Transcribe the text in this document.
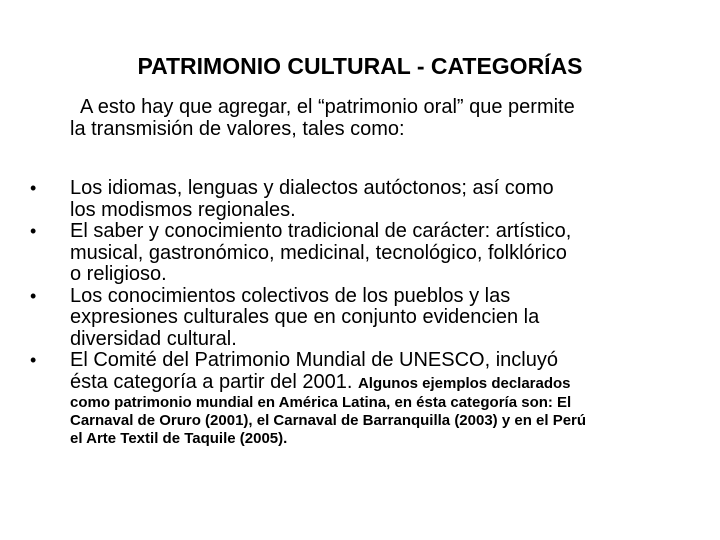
PATRIMONIO CULTURAL - CATEGORÍAS
A esto hay que agregar, el “patrimonio oral” que permite
la transmisión de valores, tales como:
•	Los idiomas, lenguas y dialectos autóctonos; así como
los modismos regionales.
•	El saber y conocimiento tradicional de carácter: artístico,
musical, gastronómico, medicinal, tecnológico, folklórico
o religioso.
•	Los conocimientos colectivos de los pueblos y las
expresiones culturales que en conjunto evidencien la
diversidad cultural.
•	El Comité del Patrimonio Mundial de UNESCO, incluyó
ésta categoría a partir del 2001. Algunos ejemplos declarados
como patrimonio mundial en América Latina, en ésta categoría son: El
Carnaval de Oruro (2001), el Carnaval de Barranquilla (2003) y en el Perú
el Arte Textil de Taquile (2005).
